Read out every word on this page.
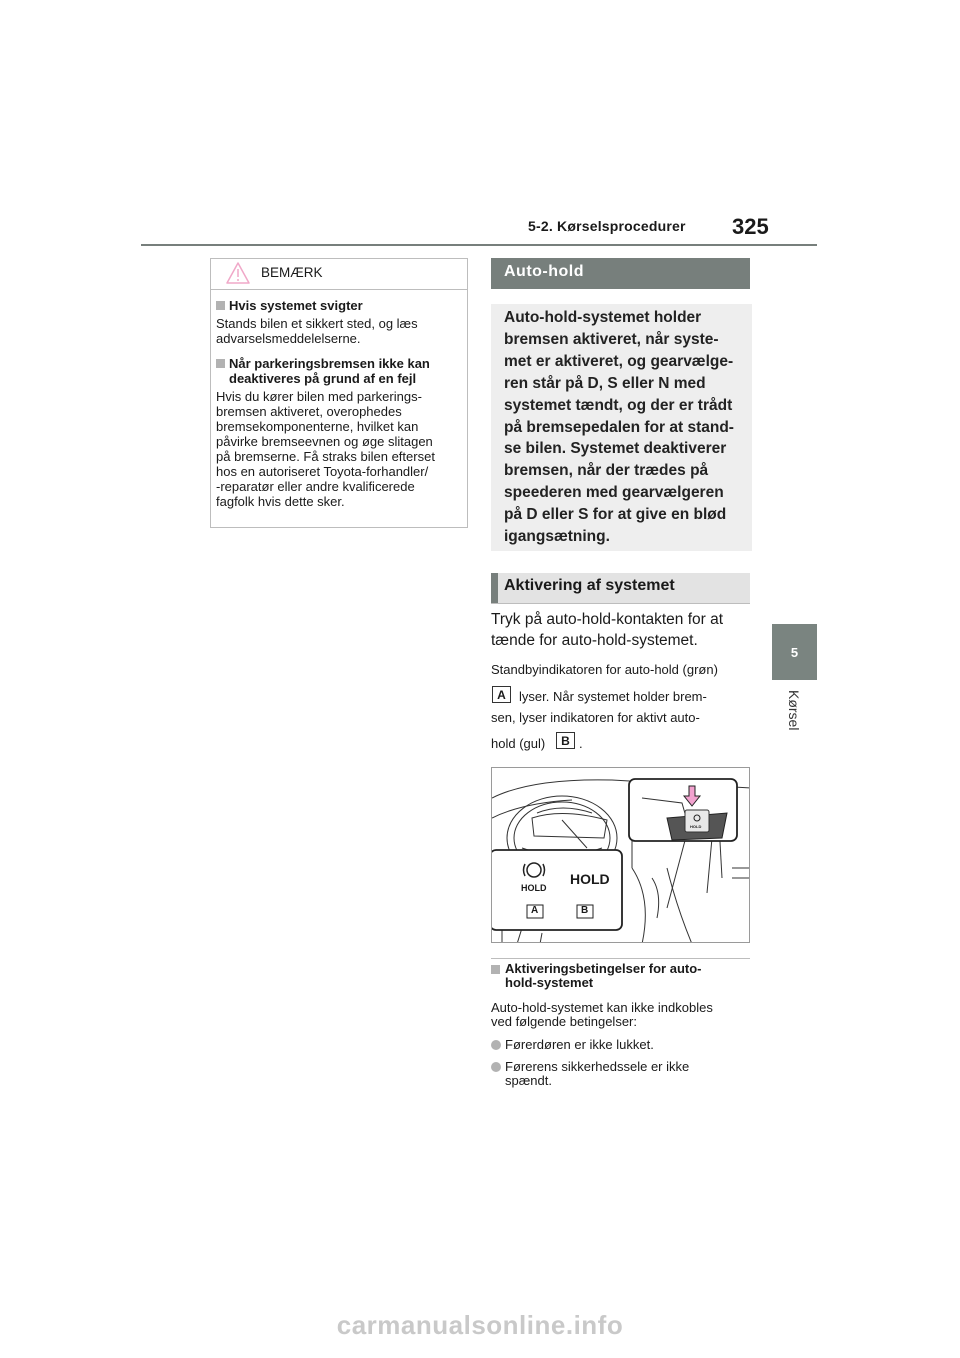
5-2. Kørselsprocedurer 325
5
Kørsel
BEMÆRK
Hvis systemet svigter
Stands bilen et sikkert sted, og læs
advarselsmeddelelserne.
Når parkeringsbremsen ikke kan
deaktiveres på grund af en fejl
Hvis du kører bilen med parkerings-
bremsen aktiveret, overophedes
bremsekomponenterne, hvilket kan
påvirke bremseevnen og øge slitagen
på bremserne. Få straks bilen efterset
hos en autoriseret Toyota-forhandler/
-reparatør eller andre kvalificerede
fagfolk hvis dette sker.
Auto-hold
Auto-hold-systemet holder
bremsen aktiveret, når syste-
met er aktiveret, og gearvælge-
ren står på D, S eller N med
systemet tændt, og der er trådt
på bremsepedalen for at stand-
se bilen. Systemet deaktiverer
bremsen, når der trædes på
speederen med gearvælgeren
på D eller S for at give en blød
igangsætning.
Aktivering af systemet
Tryk på auto-hold-kontakten for at
tænde for auto-hold-systemet.
Standbyindikatoren for auto-hold (grøn)
A	lyser. Når systemet holder brem-
sen, lyser indikatoren for aktivt auto-
hold (gul)	B .
HOLD
HOLD
HOLD
A	B
Aktiveringsbetingelser for auto-
hold-systemet
Auto-hold-systemet kan ikke indkobles
ved følgende betingelser:
Førerdøren er ikke lukket.
Førerens sikkerhedssele er ikke
spændt.
carmanualsonline.info
